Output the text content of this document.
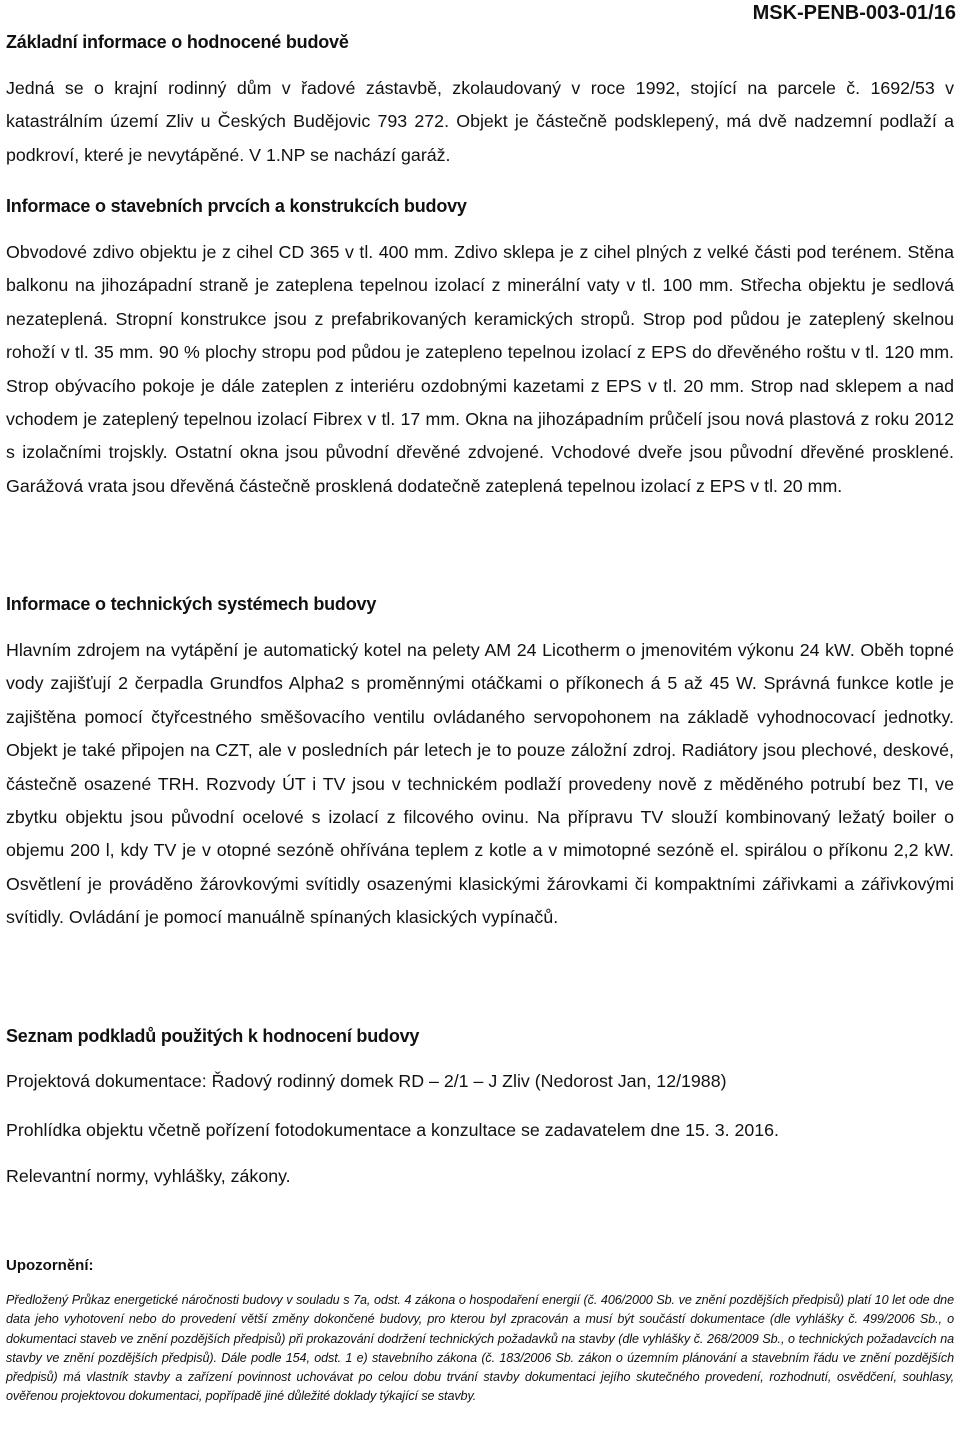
MSK-PENB-003-01/16
Základní informace o hodnocené budově

Jedná se o krajní rodinný dům v řadové zástavbě, zkolaudovaný v roce 1992, stojící na parcele č. 1692/53 v katastrálním území Zliv u Českých Budějovic 793 272. Objekt je částečně podsklepený, má dvě nadzemní podlaží a podkroví, které je nevytápěné. V 1.NP se nachází garáž.

Informace o stavebních prvcích a konstrukcích budovy

Obvodové zdivo objektu je z cihel CD 365 v tl. 400 mm. Zdivo sklepa je z cihel plných z velké části pod terénem. Stěna balkonu na jihozápadní straně je zateplena tepelnou izolací z minerální vaty v tl. 100 mm. Střecha objektu je sedlová nezateplená. Stropní konstrukce jsou z prefabrikovaných keramických stropů. Strop pod půdou je zateplený skelnou rohoží v tl. 35 mm. 90 % plochy stropu pod půdou je zatepleno tepelnou izolací z EPS do dřevěného roštu v tl. 120 mm. Strop obývacího pokoje je dále zateplen z interiéru ozdobnými kazetami z EPS v tl. 20 mm. Strop nad sklepem a nad vchodem je zateplený tepelnou izolací Fibrex v tl. 17 mm. Okna na jihozápadním průčelí jsou nová plastová z roku 2012 s izolačními trojskly. Ostatní okna jsou původní dřevěné zdvojené. Vchodové dveře jsou původní dřevěné prosklené. Garážová vrata jsou dřevěná částečně prosklená dodatečně zateplená tepelnou izolací z EPS v tl. 20 mm.

Informace o technických systémech budovy

Hlavním zdrojem na vytápění je automatický kotel na pelety AM 24 Licotherm o jmenovitém výkonu 24 kW. Oběh topné vody zajišťují 2 čerpadla Grundfos Alpha2 s proměnnými otáčkami o příkonech á 5 až 45 W. Správná funkce kotle je zajištěna pomocí čtyřcestného směšovacího ventilu ovládaného servopohonem na základě vyhodnocovací jednotky. Objekt je také připojen na CZT, ale v posledních pár letech je to pouze záložní zdroj. Radiátory jsou plechové, deskové, částečně osazené TRH. Rozvody ÚT i TV jsou v technickém podlaží provedeny nově z měděného potrubí bez TI, ve zbytku objektu jsou původní ocelové s izolací z filcového ovinu. Na přípravu TV slouží kombinovaný ležatý boiler o objemu 200 l, kdy TV je v otopné sezóně ohřívána teplem z kotle a v mimotopné sezóně el. spirálou o příkonu 2,2 kW. Osvětlení je prováděno žárovkovými svítidly osazenými klasickými žárovkami či kompaktními zářivkami a zářivkovými svítidly. Ovládání je pomocí manuálně spínaných klasických vypínačů.

Seznam podkladů použitých k hodnocení budovy
Projektová dokumentace: Řadový rodinný domek RD – 2/1 – J Zliv (Nedorost Jan, 12/1988)
Prohlídka objektu včetně pořízení fotodokumentace a konzultace se zadavatelem dne 15. 3. 2016.
Relevantní normy, vyhlášky, zákony.
Upozornění:

Předložený Průkaz energetické náročnosti budovy v souladu s 7a, odst. 4 zákona o hospodaření energií (č. 406/2000 Sb. ve znění pozdějších předpisů) platí 10 let ode dne data jeho vyhotovení nebo do provedení větší změny dokončené budovy, pro kterou byl zpracován a musí být součástí dokumentace (dle vyhlášky č. 499/2006 Sb., o dokumentaci staveb ve znění pozdějších předpisů) při prokazování dodržení technických požadavků na stavby (dle vyhlášky č. 268/2009 Sb., o technických požadavcích na stavby ve znění pozdějších předpisů). Dále podle 154, odst. 1 e) stavebního zákona (č. 183/2006 Sb. zákon o územním plánování a stavebním řádu ve znění pozdějších předpisů) má vlastník stavby a zařízení povinnost uchovávat po celou dobu trvání stavby dokumentaci jejího skutečného provedení, rozhodnutí, osvědčení, souhlasy, ověřenou projektovou dokumentaci, popřípadě jiné důležité doklady týkající se stavby.
